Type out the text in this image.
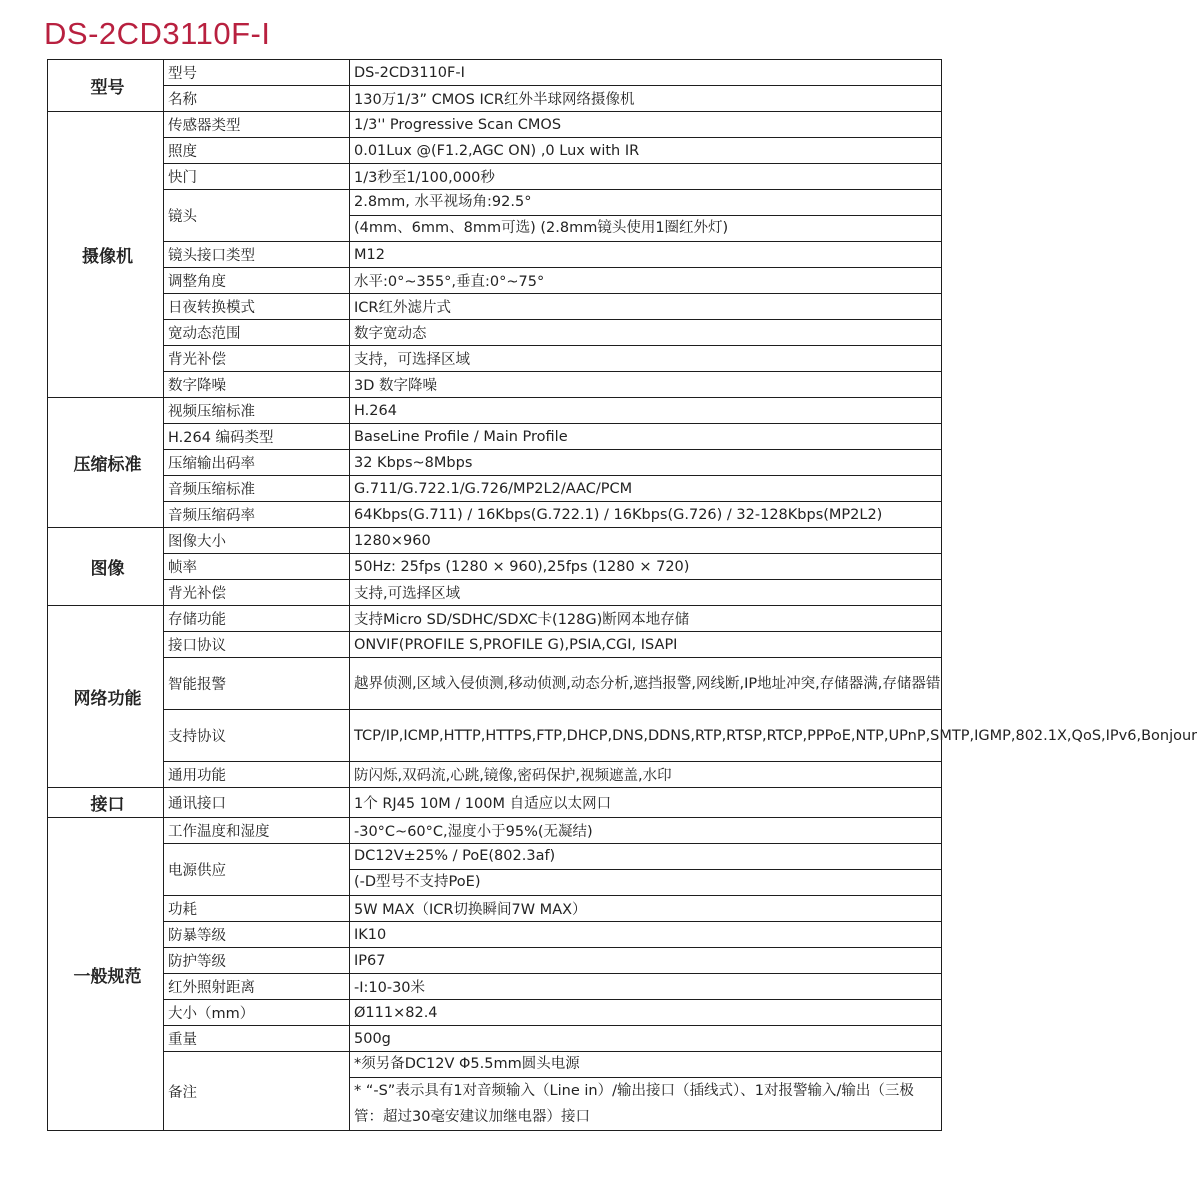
DS-2CD3110F-I
型号	型号	DS-2CD3110F-I
	名称	130万1/3” CMOS ICR红外半球网络摄像机
摄像机	传感器类型	1/3'' Progressive Scan CMOS
	照度	0.01Lux @(F1.2,AGC ON) ,0 Lux with IR
	快门	1/3秒至1/100,000秒
	镜头	2.8mm, 水平视场角:92.5°
(4mm、6mm、8mm可选) (2.8mm镜头使用1圈红外灯)

	镜头接口类型	M12
	调整角度	水平:0°~355°,垂直:0°~75°
	日夜转换模式	ICR红外滤片式
	宽动态范围	数字宽动态
	背光补偿	支持，可选择区域
	数字降噪	3D 数字降噪
压缩标准	视频压缩标准	H.264
	H.264 编码类型	BaseLine Profile / Main Profile
	压缩输出码率	32 Kbps~8Mbps
	音频压缩标准	G.711/G.722.1/G.726/MP2L2/AAC/PCM
	音频压缩码率	64Kbps(G.711) / 16Kbps(G.722.1) / 16Kbps(G.726) / 32-128Kbps(MP2L2)
图像	图像大小	1280×960
	帧率	50Hz: 25fps (1280 × 960),25fps (1280 × 720)
	背光补偿	支持,可选择区域
网络功能	存储功能	支持Micro SD/SDHC/SDXC卡(128G)断网本地存储
	接口协议	ONVIF(PROFILE S,PROFILE G),PSIA,CGI, ISAPI
	智能报警	越界侦测,区域入侵侦测,移动侦测,动态分析,遮挡报警,网线断,IP地址冲突,存储器满,存储器错
	支持协议	TCP/IP,ICMP,HTTP,HTTPS,FTP,DHCP,DNS,DDNS,RTP,RTSP,RTCP,PPPoE,NTP,UPnP,SMTP,IGMP,802.1X,QoS,IPv6,Bonjour
	通用功能	防闪烁,双码流,心跳,镜像,密码保护,视频遮盖,水印
接口	通讯接口	1个 RJ45 10M / 100M 自适应以太网口
一般规范	工作温度和湿度	-30°C~60°C,湿度小于95%(无凝结)
	电源供应	DC12V±25% / PoE(802.3af)
(-D型号不支持PoE)

	功耗	5W MAX（ICR切换瞬间7W MAX）
	防暴等级	IK10
	防护等级	IP67
	红外照射距离	-I:10-30米
	大小（mm）	Ø111×82.4
	重量	500g
	备注	*须另备DC12V Φ5.5mm圆头电源
* “-S”表示具有1对音频输入（Line in）/输出接口（插线式）、1对报警输入/输出（三极管：超过30毫安建议加继电器）接口
